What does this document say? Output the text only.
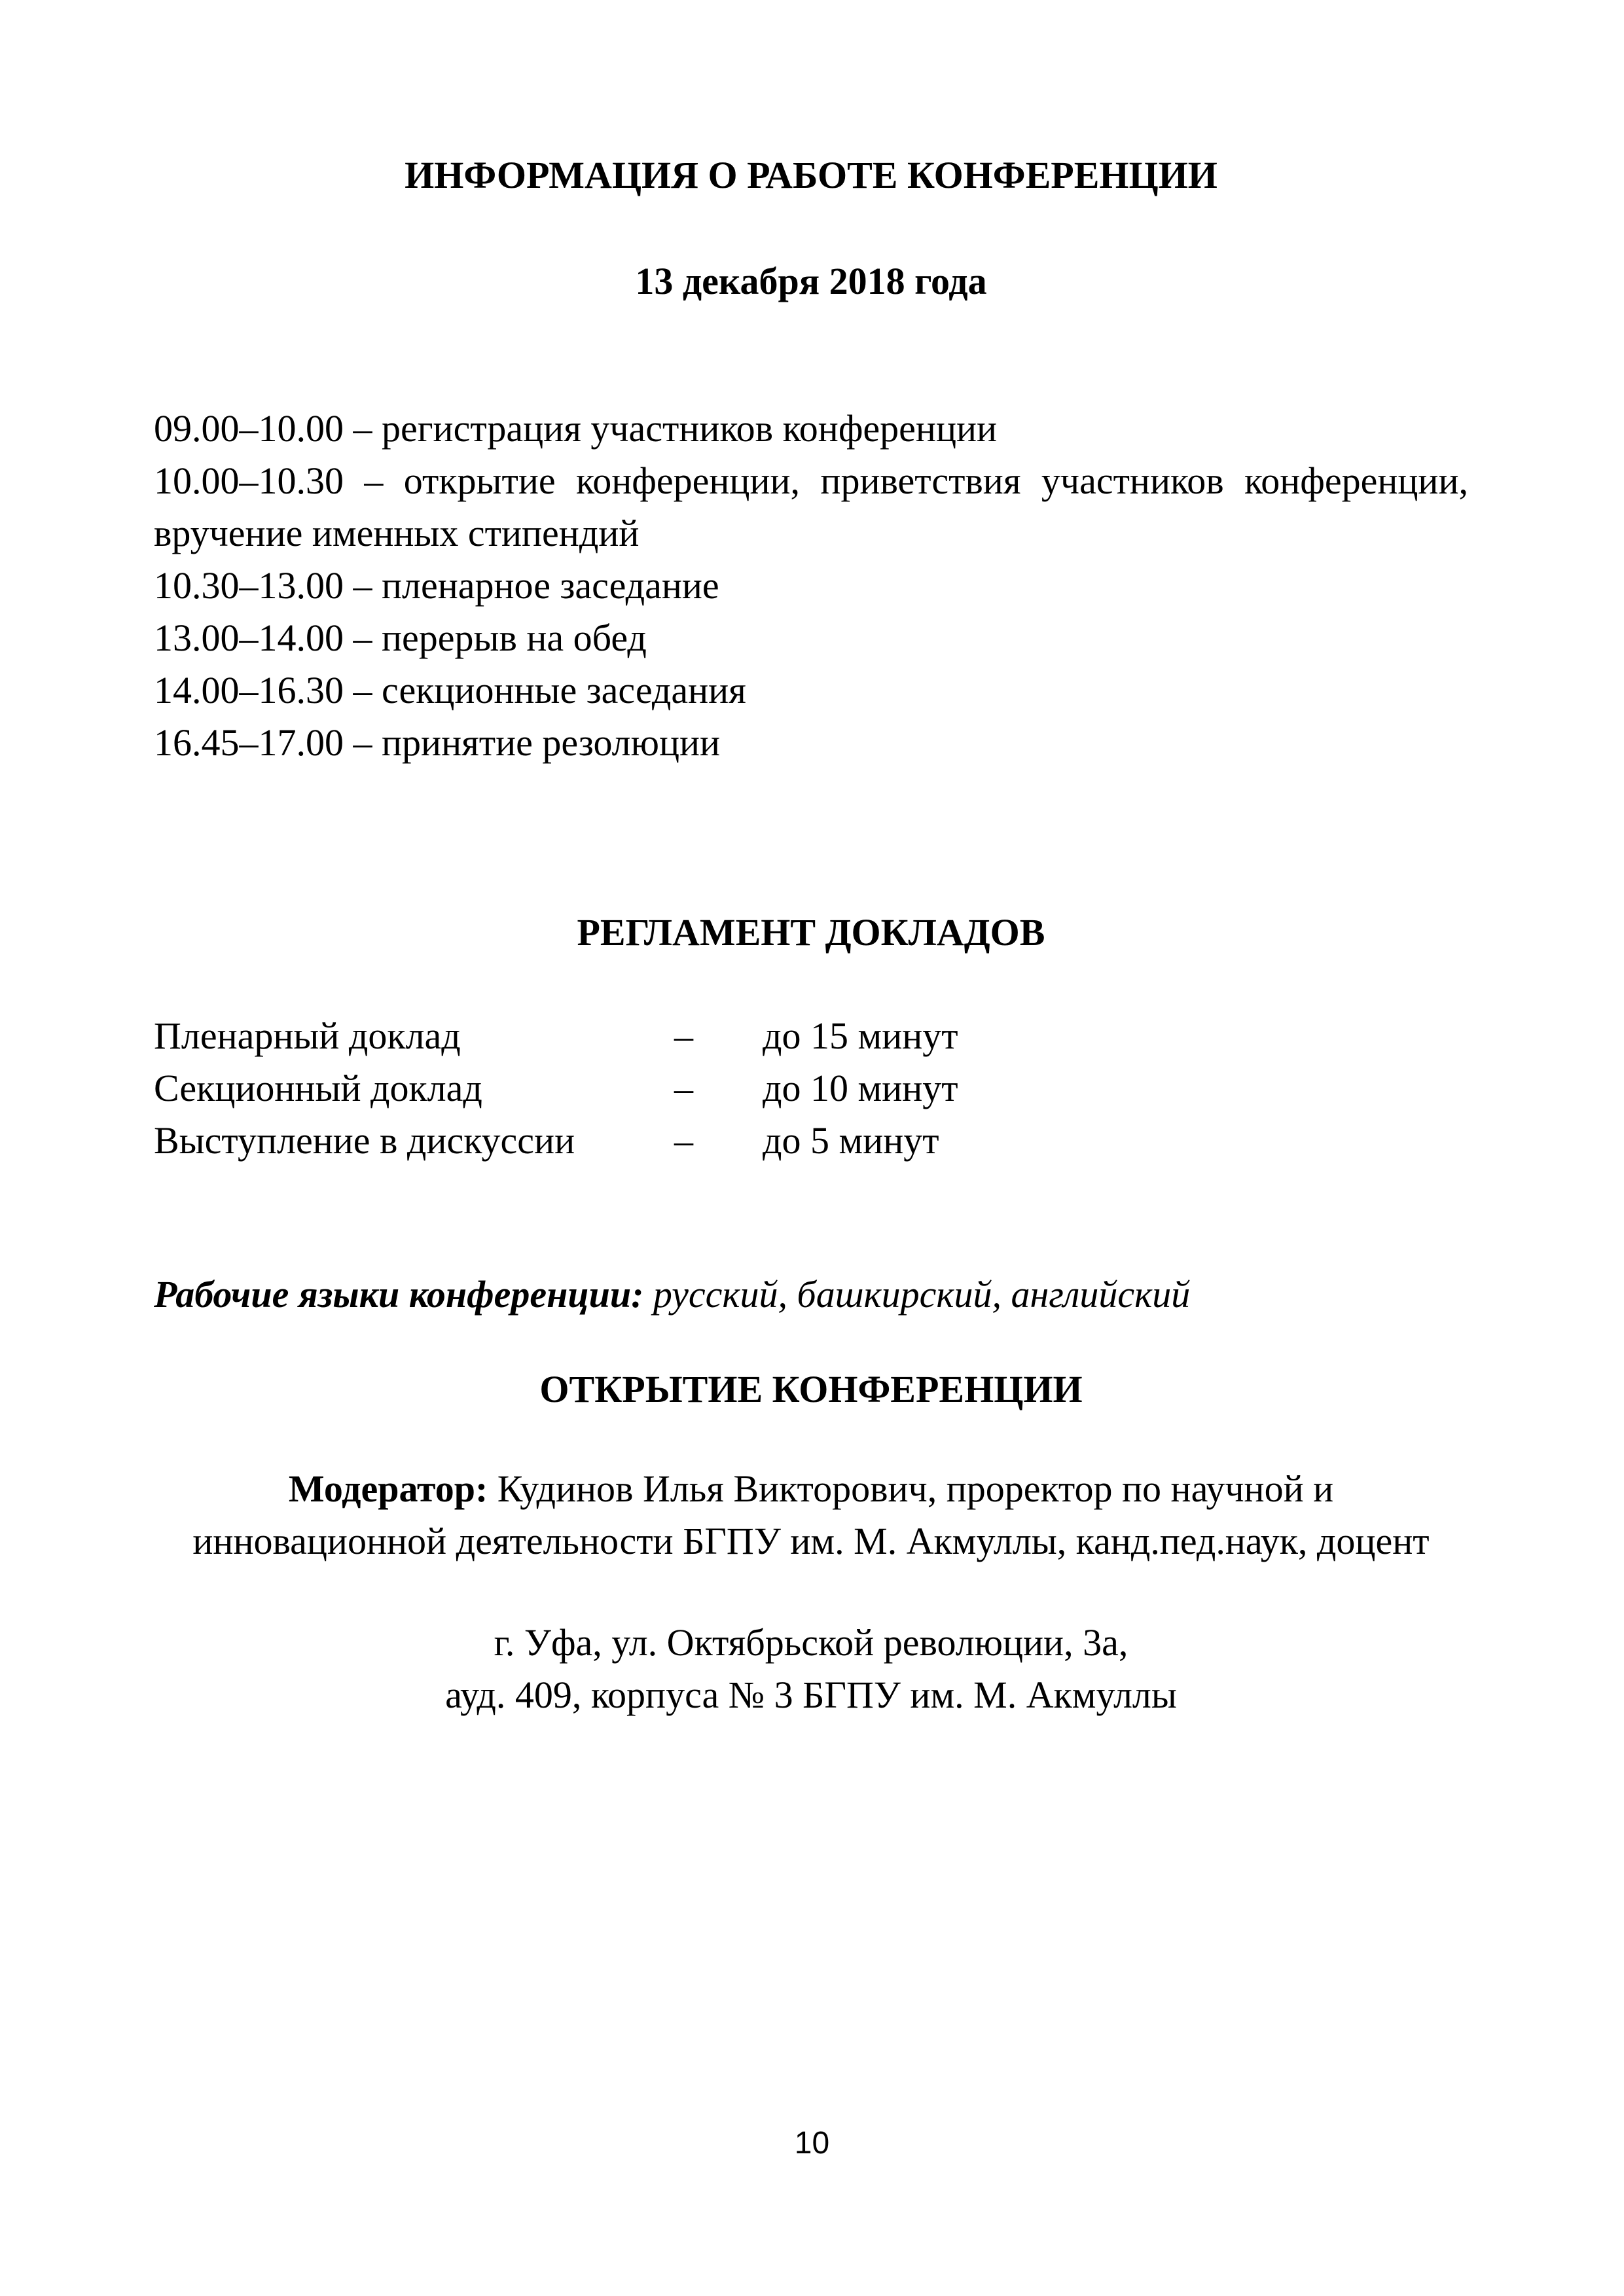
ИНФОРМАЦИЯ О РАБОТЕ КОНФЕРЕНЦИИ

13 декабря 2018 года

09.00–10.00 – регистрация участников конференции

10.00–10.30 – открытие конференции, приветствия участников конференции,

вручение именных стипендий

10.30–13.00 – пленарное заседание

13.00–14.00 – перерыв на обед

14.00–16.30 – секционные заседания

16.45–17.00 – принятие резолюции

РЕГЛАМЕНТ ДОКЛАДОВ
Пленарный доклад	–	до 15 минут
Секционный доклад	–	до 10 минут
Выступление в дискуссии	–	до 5 минут

Рабочие языки конференции: русский, башкирский, английский

ОТКРЫТИЕ КОНФЕРЕНЦИИ
Модератор: Кудинов Илья Викторович, проректор по научной и
инновационной деятельности БГПУ им. М. Акмуллы, канд.пед.наук, доцент
г. Уфа, ул. Октябрьской революции, 3а,
ауд. 409, корпуса № 3 БГПУ им. М. Акмуллы
10
